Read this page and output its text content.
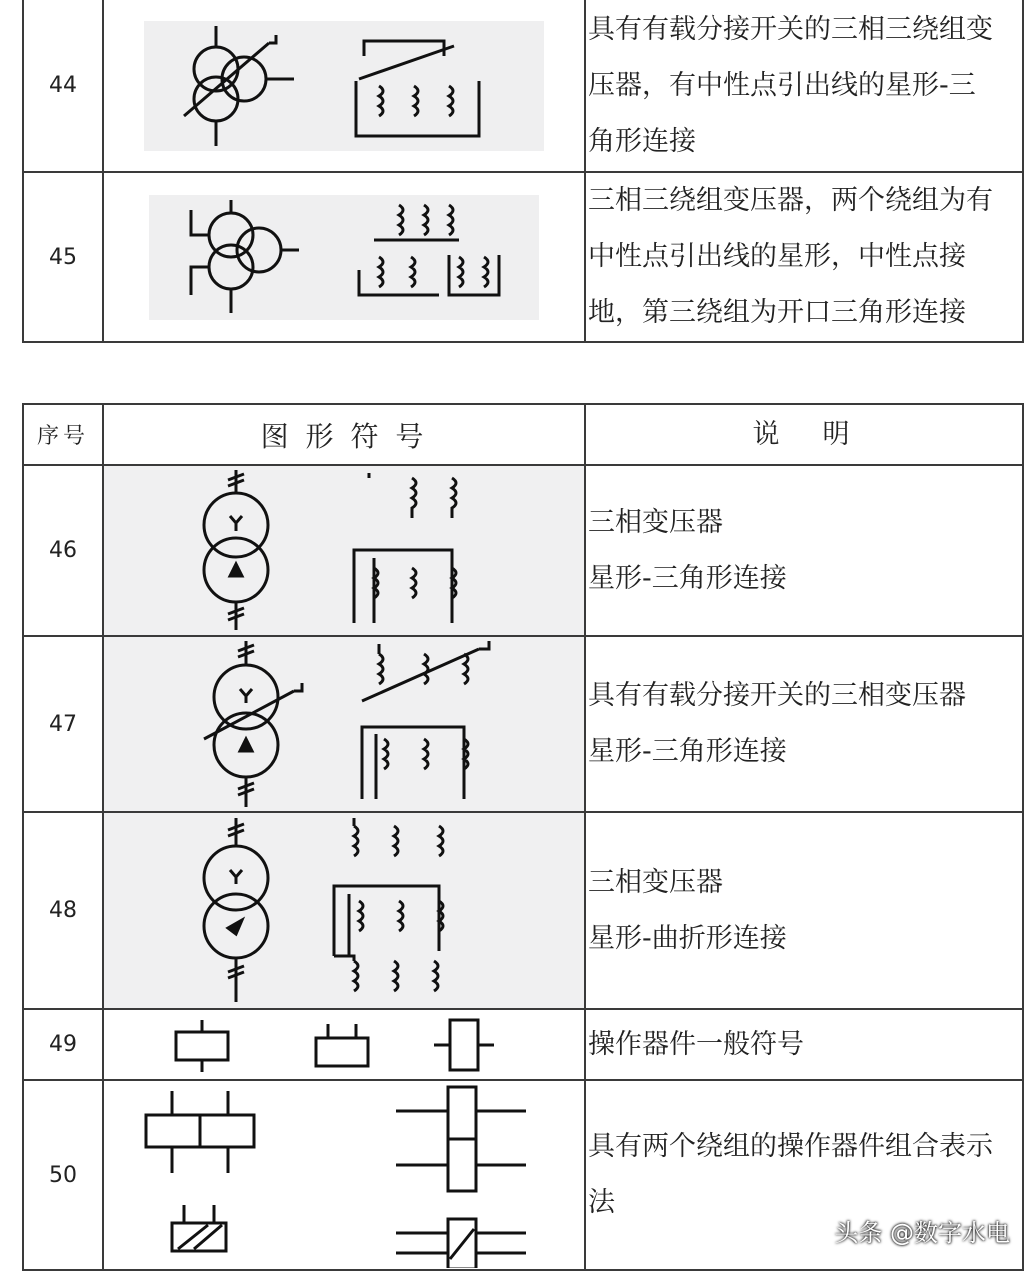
44		具有有载分接开关的三相三绕组变
压器，有中性点引出线的星形-三
角形连接

45		三相三绕组变压器，两个绕组为有
中性点引出线的星形，中性点接
地，第三绕组为开口三角形连接
序号	图 形 符 号	说　明
46		三相变压器
星形-三角形连接

47		具有有载分接开关的三相变压器
星形-三角形连接

48		三相变压器
星形-曲折形连接

49		操作器件一般符号

50		具有两个绕组的操作器件组合表示
法
头条 @数字水电
